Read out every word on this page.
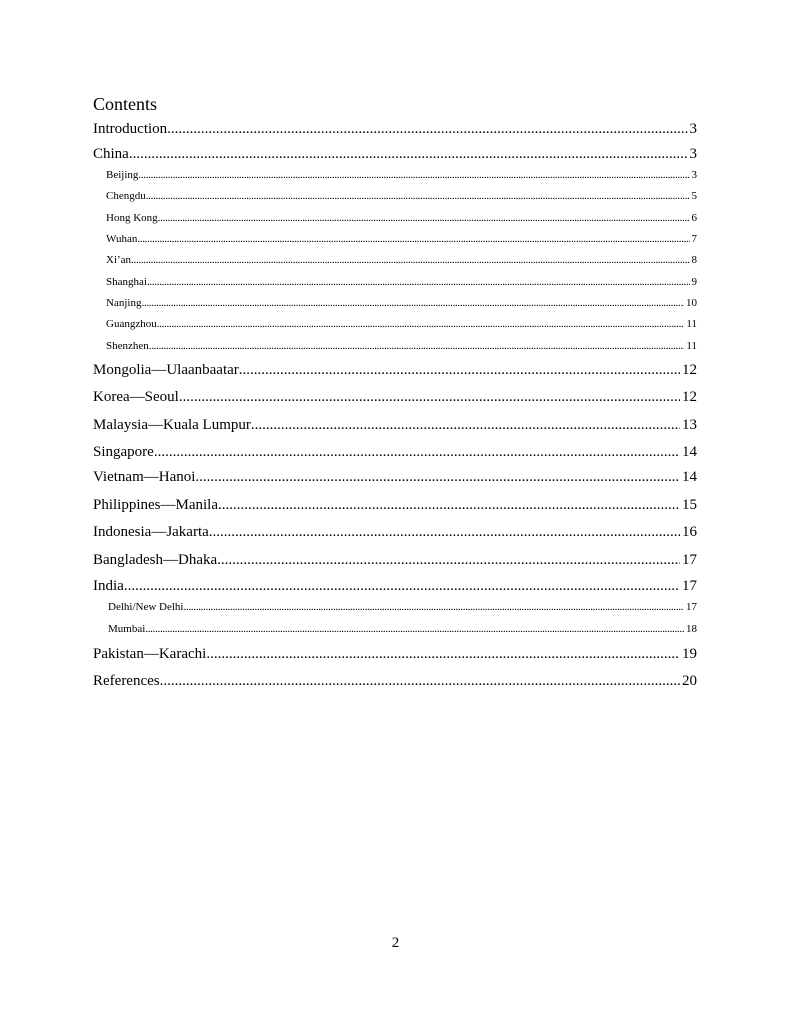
Contents
Introduction .....	3
China .....	3
Beijing .....	3
Chengdu .....	5
Hong Kong .....	6
Wuhan .....	7
Xi’an .....	8
Shanghai .....	9
Nanjing .....	10
Guangzhou .....	11
Shenzhen .....	11
Mongolia—Ulaanbaatar .....	12
Korea—Seoul .....	12
Malaysia—Kuala Lumpur .....	13
Singapore .....	14
Vietnam—Hanoi .....	14
Philippines—Manila .....	15
Indonesia—Jakarta .....	16
Bangladesh—Dhaka .....	17
India .....	17
Delhi/New Delhi .....	17
Mumbai .....	18
Pakistan—Karachi .....	19
References .....	20
2
